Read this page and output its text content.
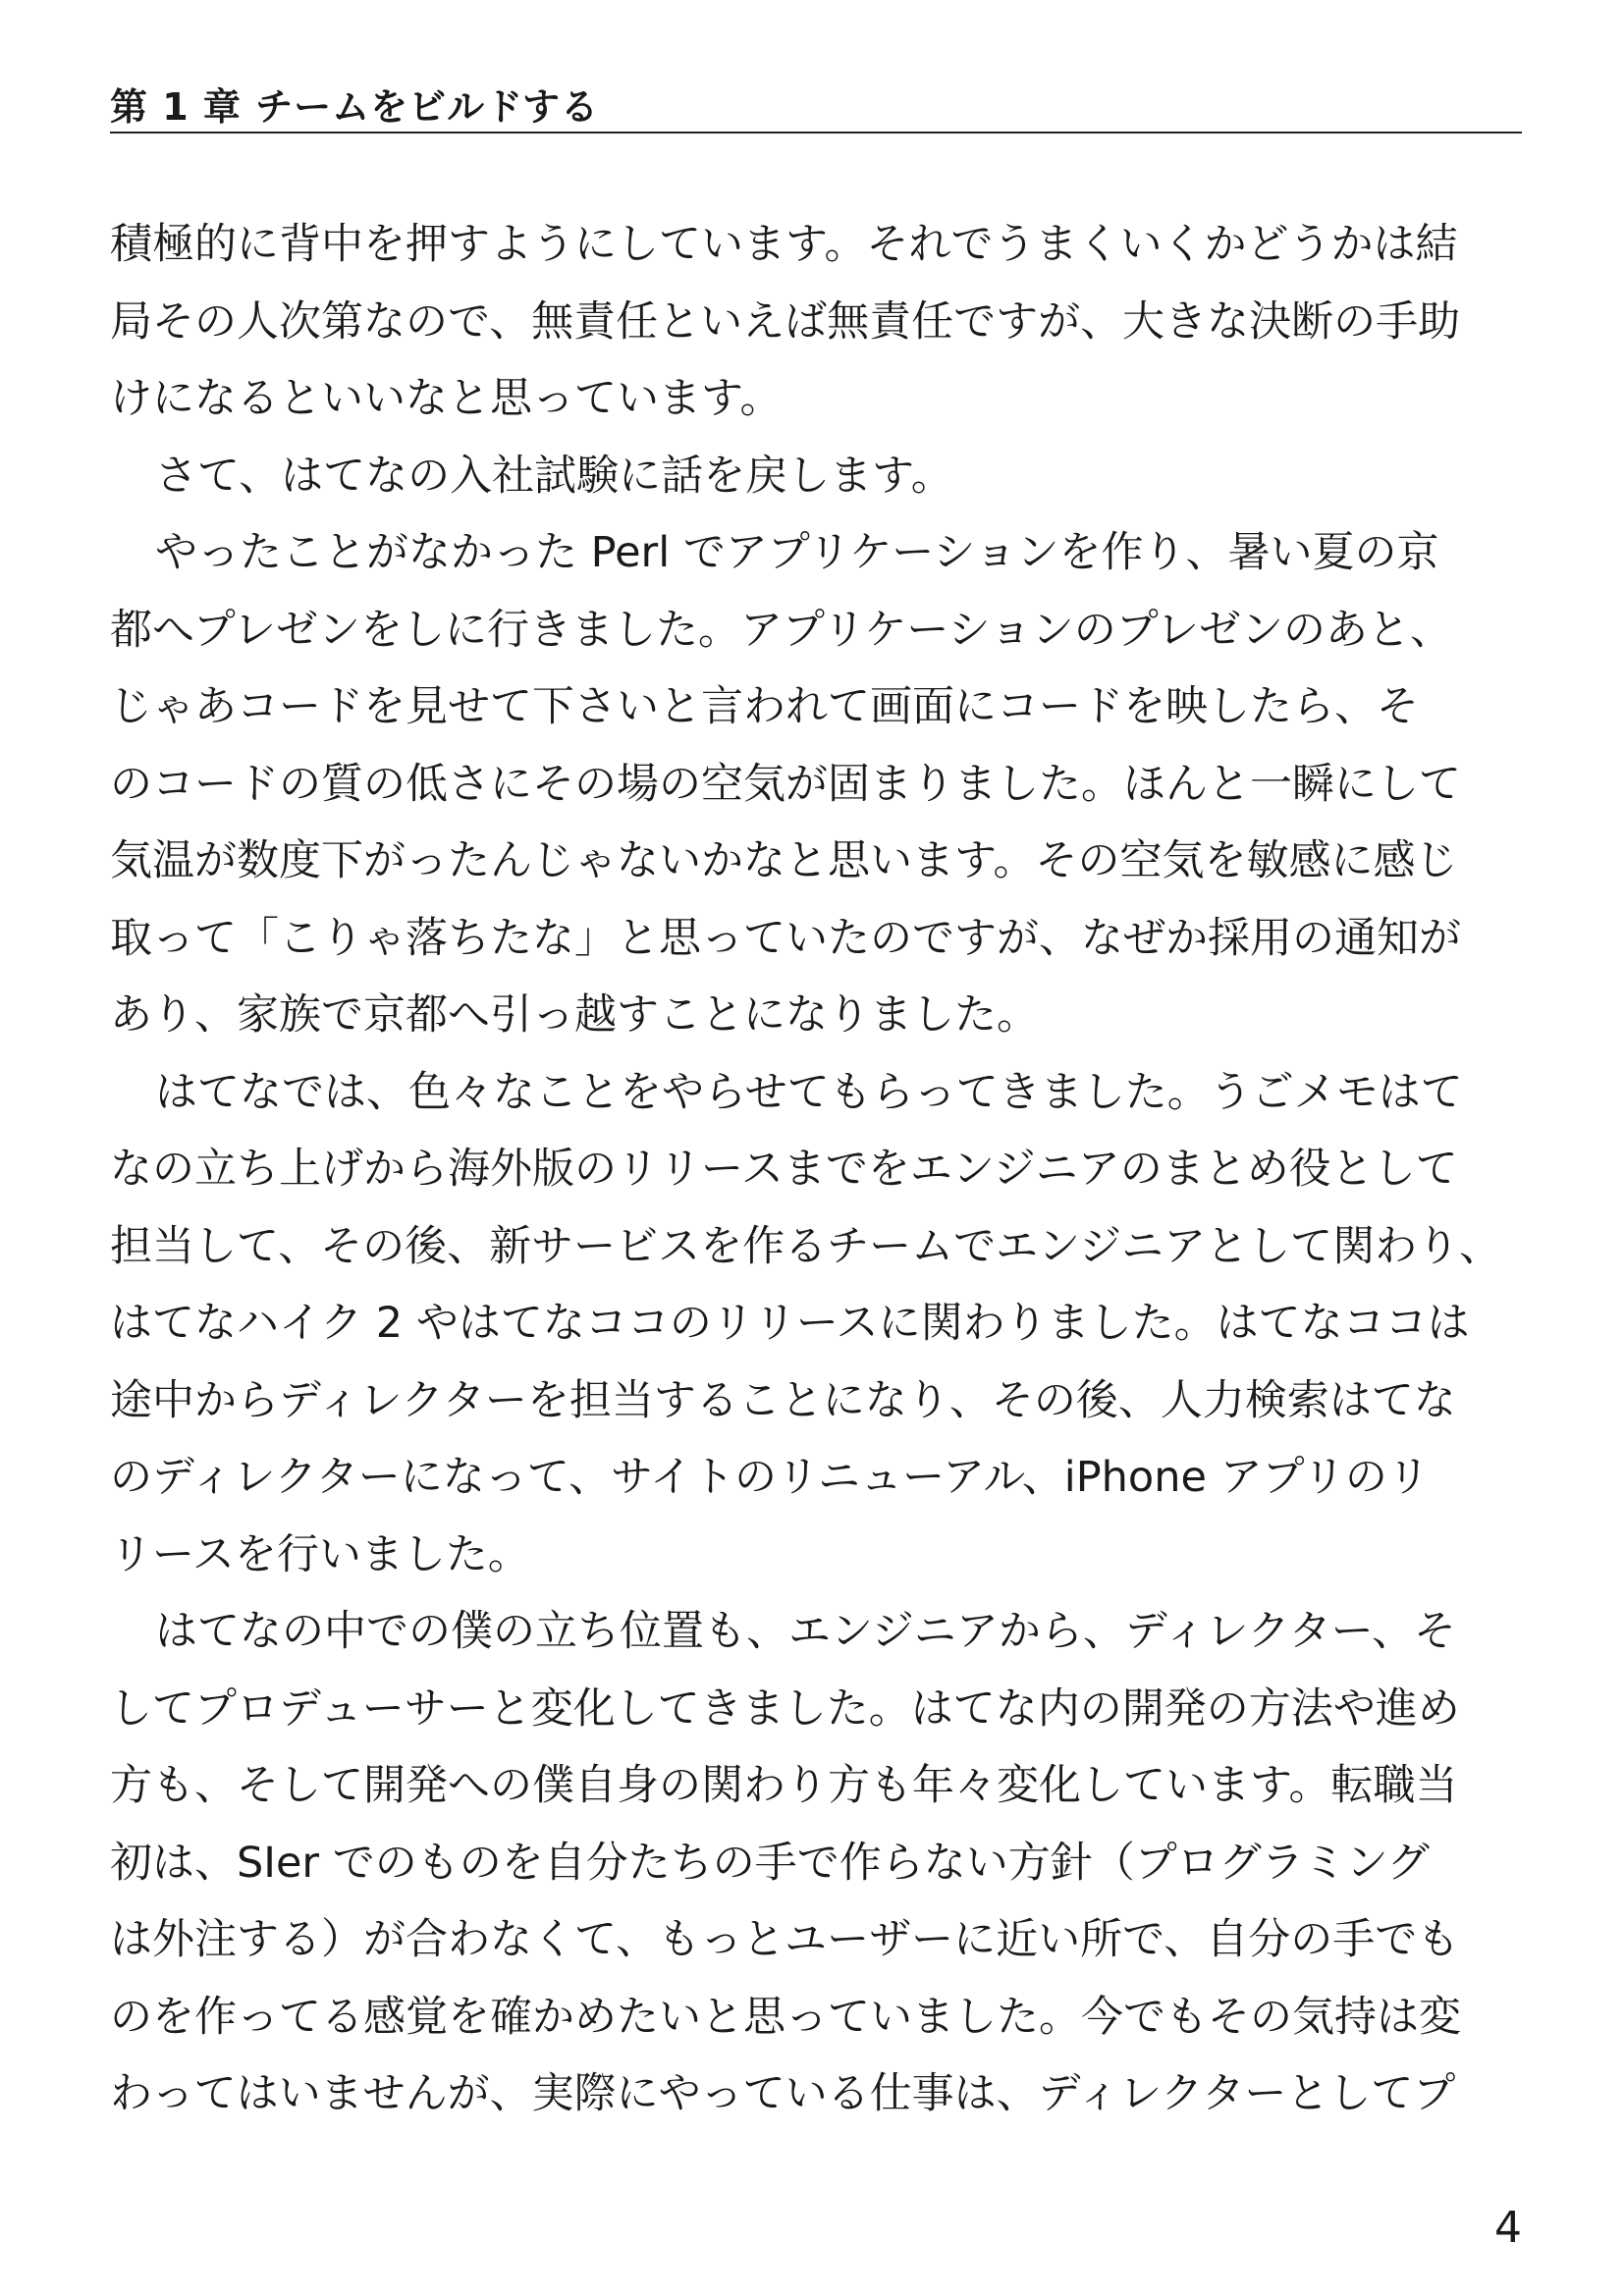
第 1 章 チームをビルドする
積極的に背中を押すようにしています。それでうまくいくかどうかは結
局その人次第なので、無責任といえば無責任ですが、大きな決断の手助
けになるといいなと思っています。
さて、はてなの入社試験に話を戻します。
やったことがなかった Perl でアプリケーションを作り、暑い夏の京
都へプレゼンをしに行きました。アプリケーションのプレゼンのあと、
じゃあコードを見せて下さいと言われて画面にコードを映したら、そ
のコードの質の低さにその場の空気が固まりました。ほんと一瞬にして
気温が数度下がったんじゃないかなと思います。その空気を敏感に感じ
取って「こりゃ落ちたな」と思っていたのですが、なぜか採用の通知が
あり、家族で京都へ引っ越すことになりました。
はてなでは、色々なことをやらせてもらってきました。うごメモはて
なの立ち上げから海外版のリリースまでをエンジニアのまとめ役として
担当して、その後、新サービスを作るチームでエンジニアとして関わり、
はてなハイク 2 やはてなココのリリースに関わりました。はてなココは
途中からディレクターを担当することになり、その後、人力検索はてな
のディレクターになって、サイトのリニューアル、iPhone アプリのリ
リースを行いました。
はてなの中での僕の立ち位置も、エンジニアから、ディレクター、そ
してプロデューサーと変化してきました。はてな内の開発の方法や進め
方も、そして開発への僕自身の関わり方も年々変化しています。転職当
初は、SIer でのものを自分たちの手で作らない方針（プログラミング
は外注する）が合わなくて、もっとユーザーに近い所で、自分の手でも
のを作ってる感覚を確かめたいと思っていました。今でもその気持は変
わってはいませんが、実際にやっている仕事は、ディレクターとしてプ
4
